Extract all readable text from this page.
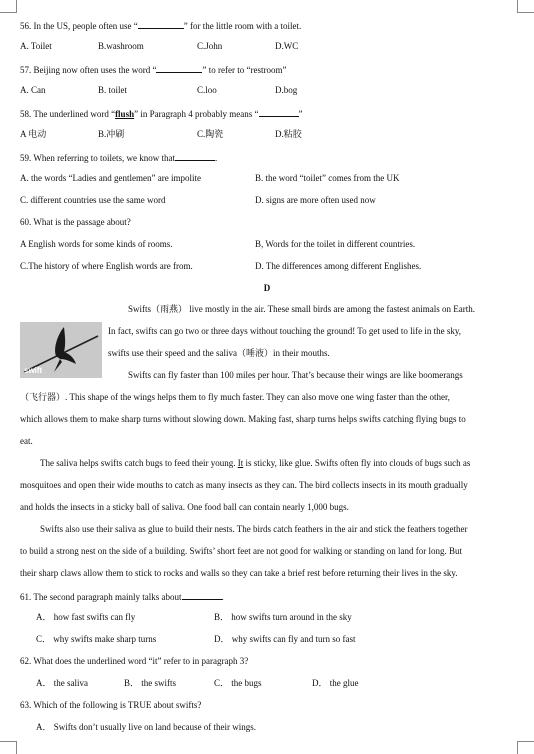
56. In the US, people often use “	” for the little room with a toilet.
A. Toilet	B.washroom	C.John	D.WC
57. Beijing now often uses the word “	” to refer to “restroom”
A. Can	B. toilet	C.loo	D.bog
58. The underlined word “flush” in Paragraph 4 probably means “	”
A 电动	B.冲刷	C.陶瓷	D.粘胶
59. When referring to toilets, we know that	.
A. the words “Ladies and gentlemen” are impolite	B. the word “toilet” comes from the UK
C. different countries use the same word	D. signs are more often used now
60. What is the passage about?
A English words for some kinds of rooms.	B, Words for the toilet in different countries.
C.The history of where English words are from.	D. The differences among different Englishes.
D
swift
Swifts（雨燕） live mostly in the air. These small birds are among the fastest animals on Earth.
In fact, swifts can go two or three days without touching the ground! To get used to life in the sky,
swifts use their speed and the saliva（唾液）in their mouths.
Swifts can fly faster than 100 miles per hour. That’s because their wings are like boomerangs
（飞行器）. This shape of the wings helps them to fly much faster. They can also move one wing faster than the other,
which allows them to make sharp turns without slowing down. Making fast, sharp turns helps swifts catching flying bugs to
eat.
The saliva helps swifts catch bugs to feed their young. It is sticky, like glue. Swifts often fly into clouds of bugs such as
mosquitoes and open their wide mouths to catch as many insects as they can. The bird collects insects in its mouth gradually
and holds the insects in a sticky ball of saliva. One food ball can contain nearly 1,000 bugs.
Swifts also use their saliva as glue to build their nests. The birds catch feathers in the air and stick the feathers together
to build a strong nest on the side of a building. Swifts’ short feet are not good for walking or standing on land for long. But
their sharp claws allow them to stick to rocks and walls so they can take a brief rest before returning their lives in the sky.
61. The second paragraph mainly talks about	.
A． how fast swifts can fly	B． how swifts turn around in the sky
C． why swifts make sharp turns	D． why swifts can fly and turn so fast
62. What does the underlined word “it” refer to in paragraph 3?
A． the saliva	B． the swifts	C． the bugs	D． the glue
63. Which of the following is TRUE about swifts?
A． Swifts don’t usually live on land because of their wings.
